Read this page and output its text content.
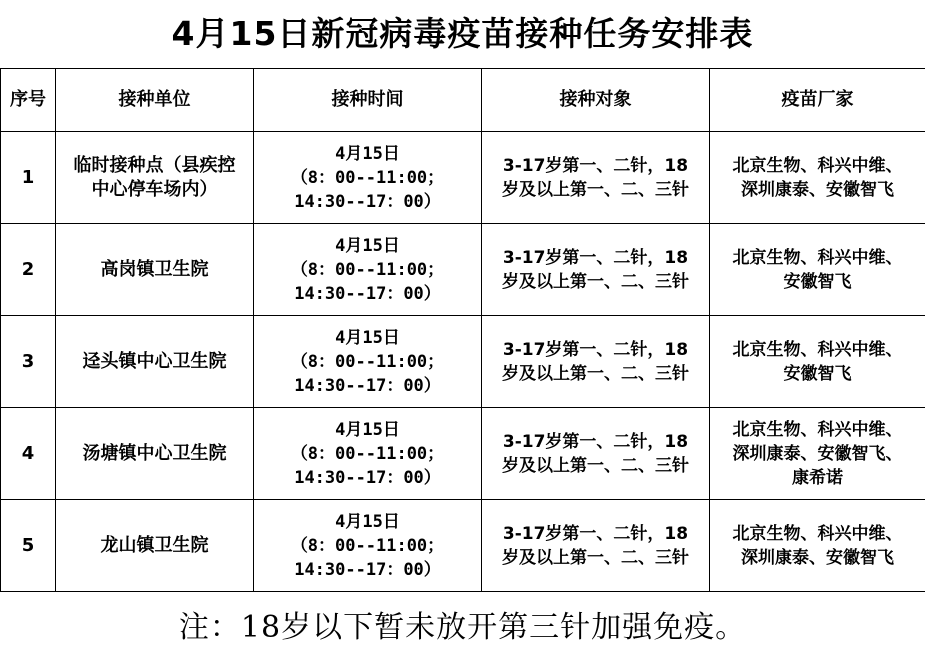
4月15日新冠病毒疫苗接种任务安排表
序号	接种单位	接种时间	接种对象	疫苗厂家
1	临时接种点（县疾控
中心停车场内）	4月15日
（8：00--11:00；
14:30--17：00）	3-17岁第一、二针，18
岁及以上第一、二、三针	北京生物、科兴中维、
深圳康泰、安徽智飞

2	高岗镇卫生院	4月15日
（8：00--11:00；
14:30--17：00）	3-17岁第一、二针，18
岁及以上第一、二、三针	北京生物、科兴中维、
安徽智飞

3	迳头镇中心卫生院	4月15日
（8：00--11:00；
14:30--17：00）	3-17岁第一、二针，18
岁及以上第一、二、三针	北京生物、科兴中维、
安徽智飞

4	汤塘镇中心卫生院	4月15日
（8：00--11:00；
14:30--17：00）	3-17岁第一、二针，18
岁及以上第一、二、三针	北京生物、科兴中维、
深圳康泰、安徽智飞、
康希诺

5	龙山镇卫生院	4月15日
（8：00--11:00；
14:30--17：00）	3-17岁第一、二针，18
岁及以上第一、二、三针	北京生物、科兴中维、
深圳康泰、安徽智飞
注：18岁以下暂未放开第三针加强免疫。
